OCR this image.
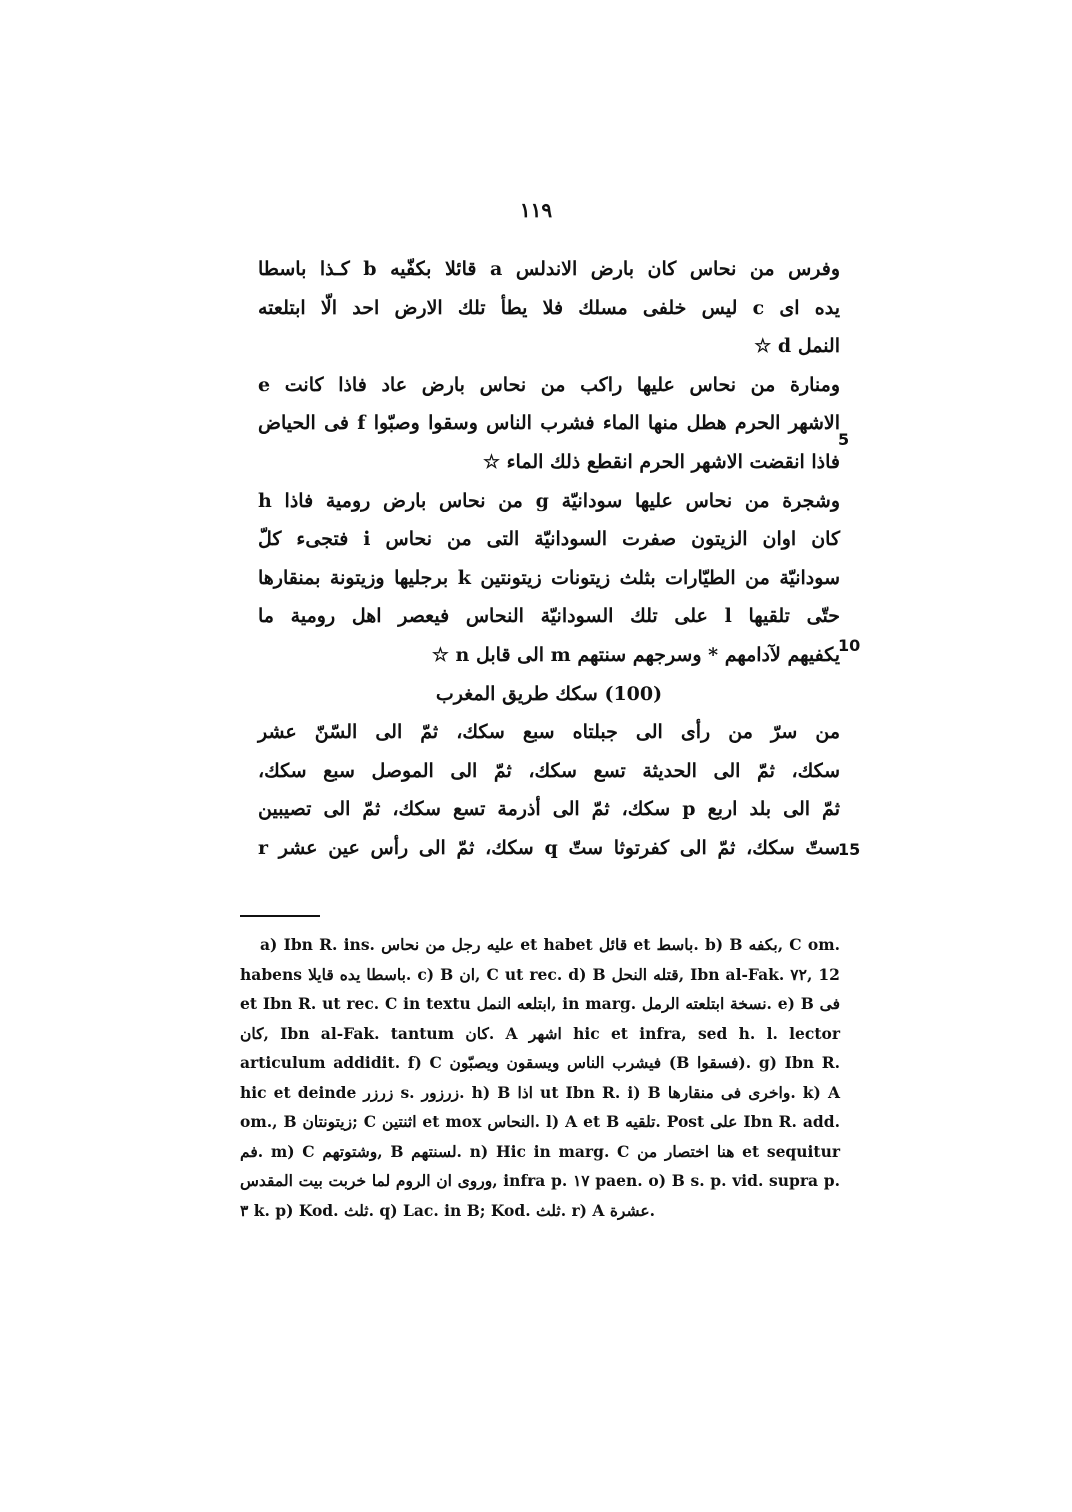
١١٩
وفرس من نحاس كان بارض الاندلس a قائلا بكفّيه b كـذا باسطا
يده اى c ليس خلفى مسلك فلا يطأ تلك الارض احد الّا ابتلعته
النمل d ☆
ومنارة من نحاس عليها راكب من نحاس بارض عاد فاذا كانت e
الاشهر الحرم هطل منها الماء فشرب الناس وسقوا وصبّوا f فى الحياض
فاذا انقضت الاشهر الحرم انقطع ذلك الماء ☆
وشجرة من نحاس عليها سودانيّة g من نحاس بارض رومية فاذا h
كان اوان الزيتون صفرت السودانيّة التى من نحاس i فتجىء كلّ
سودانيّة من الطيّارات بثلث زيتونات زيتونتين k برجليها وزيتونة بمنقارها
حتّى تلقيها l على تلك السودانيّة النحاس فيعصر اهل رومية ما
يكفيهم لآدامهم * وسرجهم سنتهم m الى قابل n ☆
(100) سكك طريق المغرب
من سرّ من رأى الى جبلتاه سبع سكك، ثمّ الى السّنّ عشر
سكك، ثمّ الى الحديثة تسع سكك، ثمّ الى الموصل سبع سكك،
ثمّ الى بلد اربع p سكك، ثمّ الى أذرمة تسع سكك، ثمّ الى تصيبين
ستّ سكك، ثمّ الى كفرتوثا ستّ q سكك، ثمّ الى رأس عين عشر r
5
10
15

a) Ibn R. ins. عليه رجل من نحاس et habet قائل et باسط. b) B بكفه, C om. habens باسطا يده قايلا. c) B ان, C ut rec. d) B قتله النحل, Ibn al-Fak. ٧٢, 12 et Ibn R. ut rec. C in textu ابتلعه النمل, in marg. نسخة ابتلعته الرمل. e) B فى كان, Ibn al-Fak. tantum كان. A اشهر hic et infra, sed h. l. lector articulum addidit. f) C فيشرب الناس ويسقون ويصبّون (B فسقوا). g) Ibn R. hic et deinde زرزر s. زرزور. h) B اذا ut Ibn R. i) B واخرى فى منقارها. k) A om., B زيتونتان; C اثنتين et mox النحاس. l) A et B تلقيه. Post على Ibn R. add. فم. m) C وشتوتهم, B لسنتهم. n) Hic in marg. C هنا اختصار من et sequitur وروى ان الروم لما خربت بيت المقدس, infra p. ١٧ paen. o) B s. p. vid. supra p. ٣ k. p) Kod. ثلث. q) Lac. in B; Kod. ثلث. r) A عشرة.
